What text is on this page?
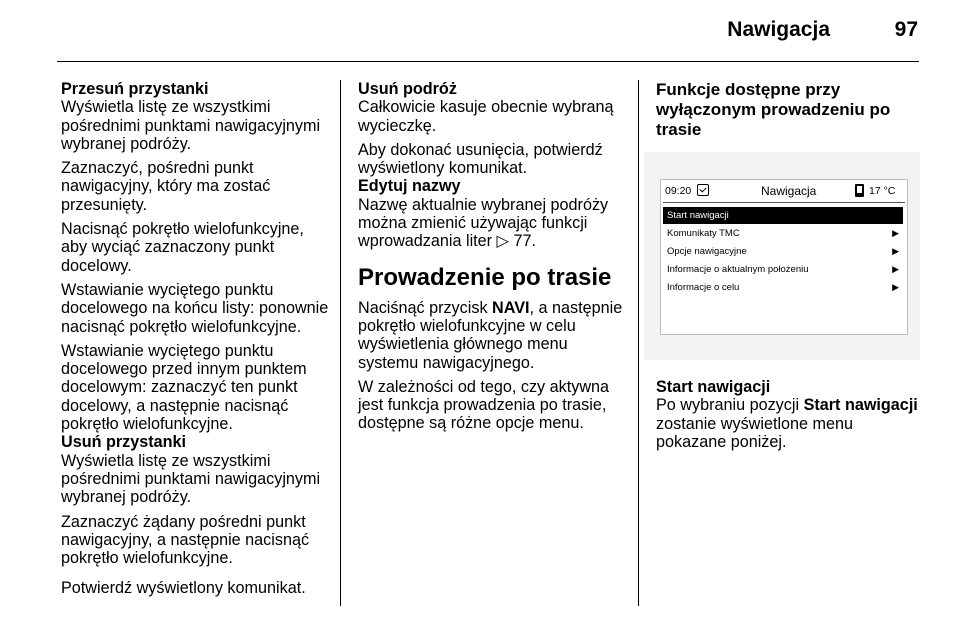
Nawigacja	97

Przesuń przystanki

Wyświetla listę ze wszystkimi
pośrednimi punktami nawigacyjnymi
wybranej podróży.

Zaznaczyć, pośredni punkt
nawigacyjny, który ma zostać
przesunięty.

Nacisnąć pokrętło wielofunkcyjne,
aby wyciąć zaznaczony punkt
docelowy.

Wstawianie wyciętego punktu
docelowego na końcu listy: ponownie
nacisnąć pokrętło wielofunkcyjne.

Wstawianie wyciętego punktu
docelowego przed innym punktem
docelowym: zaznaczyć ten punkt
docelowy, a następnie nacisnąć
pokrętło wielofunkcyjne.

Usuń przystanki

Wyświetla listę ze wszystkimi
pośrednimi punktami nawigacyjnymi
wybranej podróży.

Zaznaczyć żądany pośredni punkt
nawigacyjny, a następnie nacisnąć
pokrętło wielofunkcyjne.

Potwierdź wyświetlony komunikat.

Usuń podróż

Całkowicie kasuje obecnie wybraną
wycieczkę.

Aby dokonać usunięcia, potwierdź
wyświetlony komunikat.

Edytuj nazwy

Nazwę aktualnie wybranej podróży
można zmienić używając funkcji
wprowadzania liter ▷ 77.

Prowadzenie po trasie

Naciśnąć przycisk NAVI, a następnie
pokrętło wielofunkcyjne w celu
wyświetlenia głównego menu
systemu nawigacyjnego.

W zależności od tego, czy aktywna
jest funkcja prowadzenia po trasie,
dostępne są różne opcje menu.

Funkcje dostępne przy
wyłączonym prowadzeniu po
trasie
09:20	Nawigacja	17 °C
Start nawigacji
Komunikaty TMC	▶
Opcje nawigacyjne	▶
Informacje o aktualnym położeniu	▶
Informacje o celu	▶

Start nawigacji

Po wybraniu pozycji Start nawigacji
zostanie wyświetlone menu
pokazane poniżej.
